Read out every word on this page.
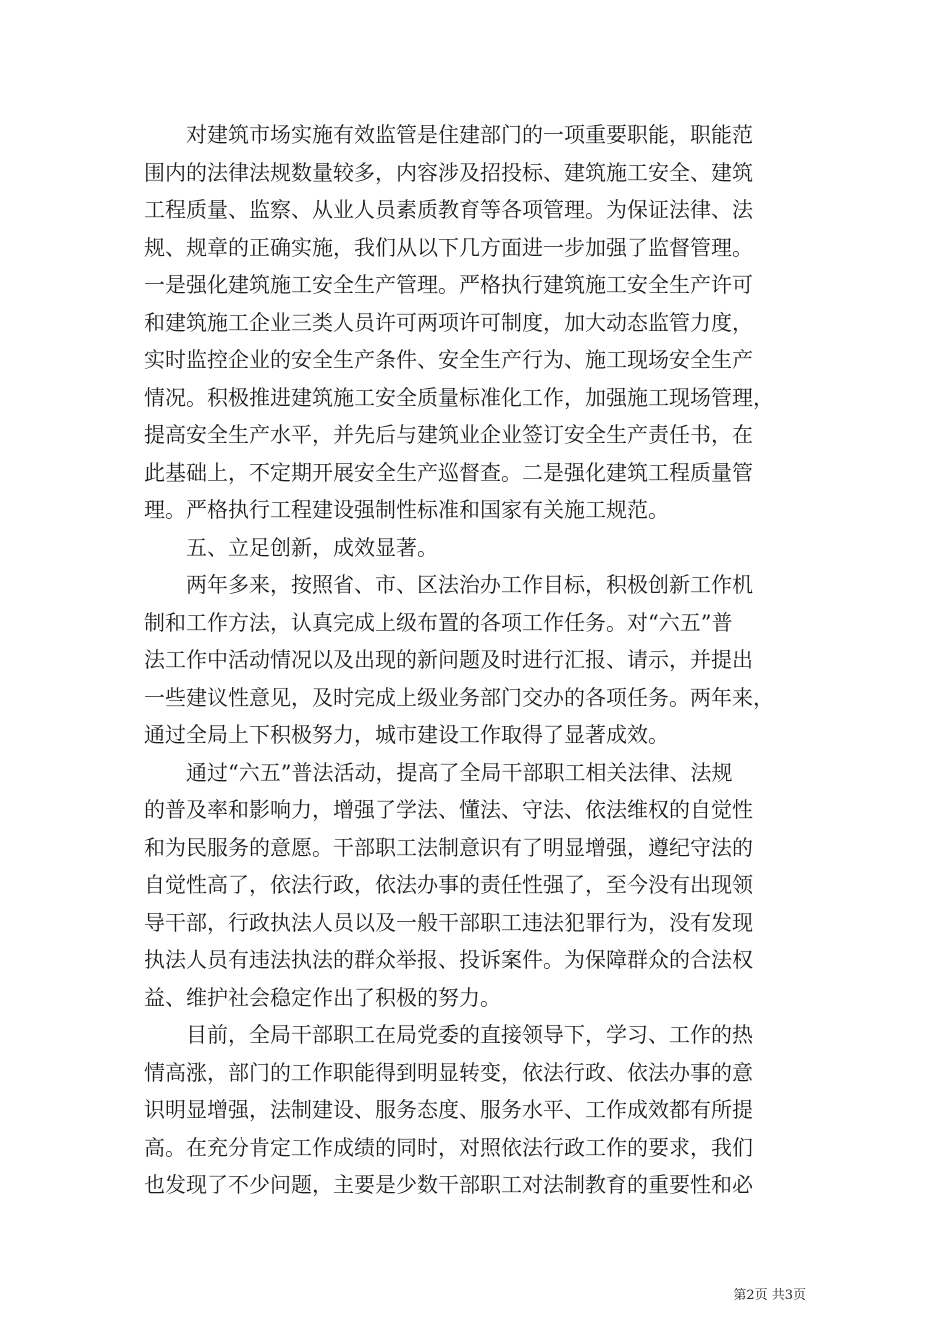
对建筑市场实施有效监管是住建部门的一项重要职能，职能范
围内的法律法规数量较多，内容涉及招投标、建筑施工安全、建筑
工程质量、监察、从业人员素质教育等各项管理。为保证法律、法
规、规章的正确实施，我们从以下几方面进一步加强了监督管理。
一是强化建筑施工安全生产管理。严格执行建筑施工安全生产许可
和建筑施工企业三类人员许可两项许可制度，加大动态监管力度，
实时监控企业的安全生产条件、安全生产行为、施工现场安全生产
情况。积极推进建筑施工安全质量标准化工作，加强施工现场管理，
提高安全生产水平，并先后与建筑业企业签订安全生产责任书，在
此基础上，不定期开展安全生产巡督查。二是强化建筑工程质量管
理。严格执行工程建设强制性标准和国家有关施工规范。
五、立足创新，成效显著。
两年多来，按照省、市、区法治办工作目标，积极创新工作机
制和工作方法，认真完成上级布置的各项工作任务。对“六五”普
法工作中活动情况以及出现的新问题及时进行汇报、请示，并提出
一些建议性意见，及时完成上级业务部门交办的各项任务。两年来，
通过全局上下积极努力，城市建设工作取得了显著成效。
通过“六五”普法活动，提高了全局干部职工相关法律、法规
的普及率和影响力，增强了学法、懂法、守法、依法维权的自觉性
和为民服务的意愿。干部职工法制意识有了明显增强，遵纪守法的
自觉性高了，依法行政，依法办事的责任性强了，至今没有出现领
导干部，行政执法人员以及一般干部职工违法犯罪行为，没有发现
执法人员有违法执法的群众举报、投诉案件。为保障群众的合法权
益、维护社会稳定作出了积极的努力。
目前，全局干部职工在局党委的直接领导下，学习、工作的热
情高涨，部门的工作职能得到明显转变，依法行政、依法办事的意
识明显增强，法制建设、服务态度、服务水平、工作成效都有所提
高。在充分肯定工作成绩的同时，对照依法行政工作的要求，我们
也发现了不少问题，主要是少数干部职工对法制教育的重要性和必
第2页 共3页
